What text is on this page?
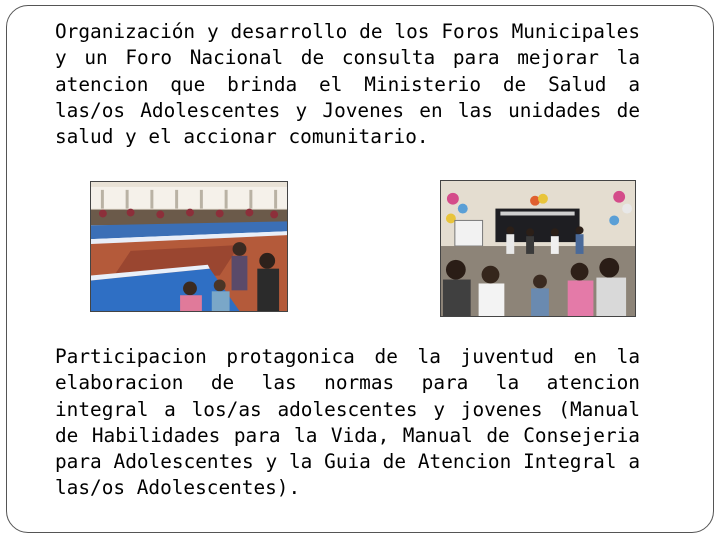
Organización y desarrollo de los Foros Municipales y un Foro Nacional de consulta para mejorar la atencion que brinda el Ministerio de Salud a las/os Adolescentes y Jovenes en las unidades de salud y el accionar comunitario.

Participacion protagonica de la juventud en la elaboracion de las normas para la atencion integral a los/as adolescentes y jovenes (Manual de Habilidades para la Vida, Manual de Consejeria para Adolescentes y la Guia de Atencion Integral a las/os Adolescentes).
